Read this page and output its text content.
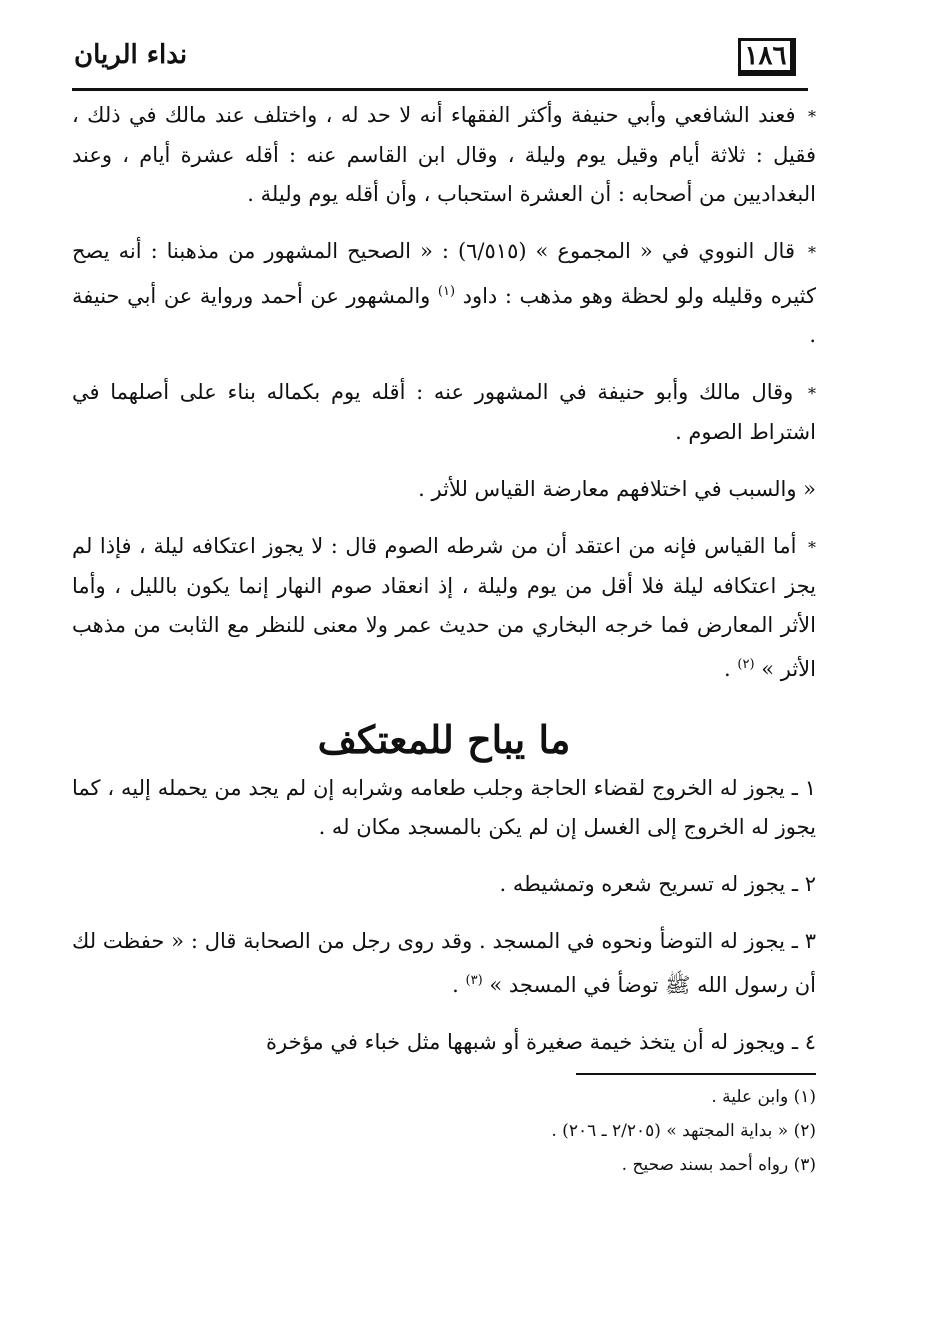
نداء الريان	١٨٦

* فعند الشافعي وأبي حنيفة وأكثر الفقهاء أنه لا حد له ، واختلف عند مالك في ذلك ، فقيل : ثلاثة أيام وقيل يوم وليلة ، وقال ابن القاسم عنه : أقله عشرة أيام ، وعند البغداديين من أصحابه : أن العشرة استحباب ، وأن أقله يوم وليلة .

* قال النووي في « المجموع » (٦/٥١٥) : « الصحيح المشهور من مذهبنا : أنه يصح كثيره وقليله ولو لحظة وهو مذهب : داود $^{(١)}$ والمشهور عن أحمد ورواية عن أبي حنيفة .

* وقال مالك وأبو حنيفة في المشهور عنه : أقله يوم بكماله بناء على أصلهما في اشتراط الصوم .

« والسبب في اختلافهم معارضة القياس للأثر .

* أما القياس فإنه من اعتقد أن من شرطه الصوم قال : لا يجوز اعتكافه ليلة ، فإذا لم يجز اعتكافه ليلة فلا أقل من يوم وليلة ، إذ انعقاد صوم النهار إنما يكون بالليل ، وأما الأثر المعارض فما خرجه البخاري من حديث عمر ولا معنى للنظر مع الثابت من مذهب الأثر » $^{(٢)}$ .

ما يباح للمعتكف

١ ـ يجوز له الخروج لقضاء الحاجة وجلب طعامه وشرابه إن لم يجد من يحمله إليه ، كما يجوز له الخروج إلى الغسل إن لم يكن بالمسجد مكان له .

٢ ـ يجوز له تسريح شعره وتمشيطه .

٣ ـ يجوز له التوضأ ونحوه في المسجد . وقد روى رجل من الصحابة قال : « حفظت لك أن رسول الله ﷺ توضأ في المسجد » $^{(٣)}$ .

٤ ـ ويجوز له أن يتخذ خيمة صغيرة أو شبهها مثل خباء في مؤخرة

(١) وابن علية .

(٢) « بداية المجتهد » (٢/٢٠٥ ـ ٢٠٦) .

(٣) رواه أحمد بسند صحيح .
